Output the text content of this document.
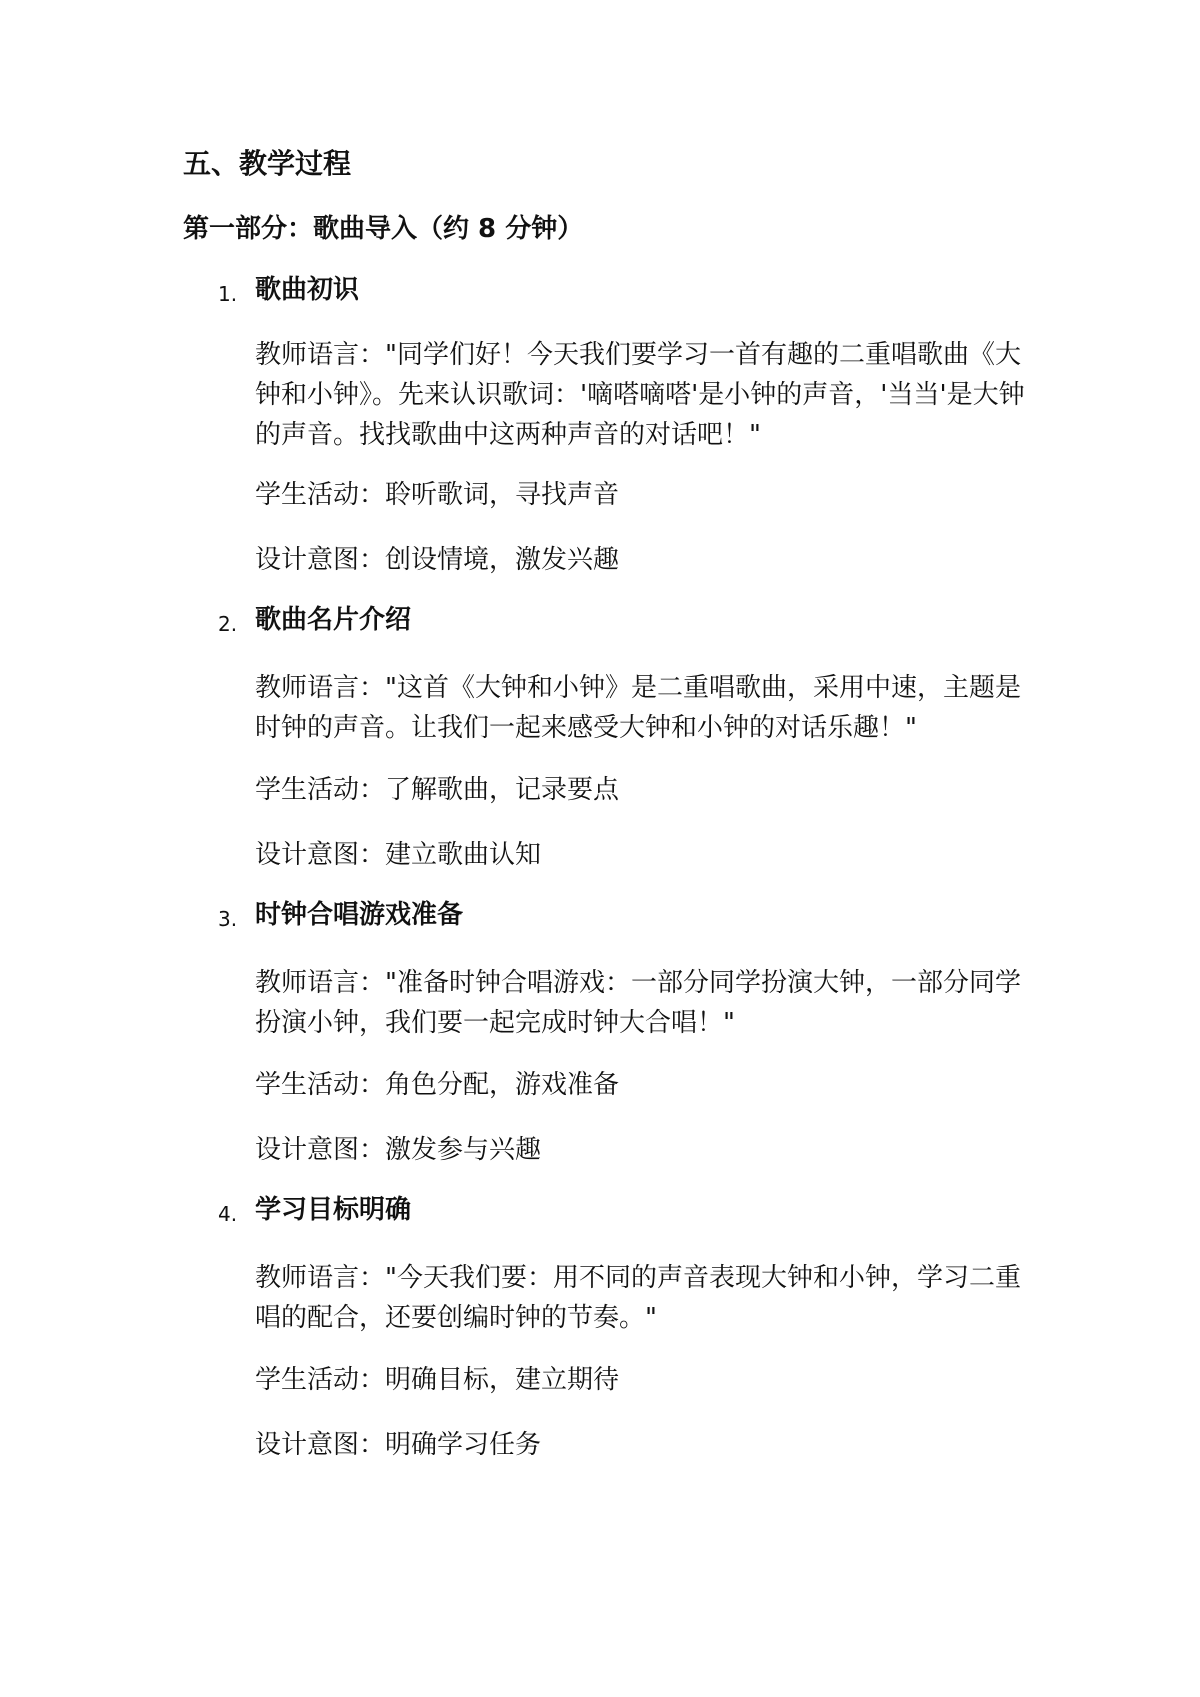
五、教学过程
第一部分：歌曲导入（约 8 分钟）
1. 歌曲初识
教师语言："同学们好！今天我们要学习一首有趣的二重唱歌曲《大钟和小钟》。先来认识歌词：'嘀嗒嘀嗒'是小钟的声音，'当当'是大钟的声音。找找歌曲中这两种声音的对话吧！"
学生活动：聆听歌词，寻找声音
设计意图：创设情境，激发兴趣
2. 歌曲名片介绍
教师语言："这首《大钟和小钟》是二重唱歌曲，采用中速，主题是时钟的声音。让我们一起来感受大钟和小钟的对话乐趣！"
学生活动：了解歌曲，记录要点
设计意图：建立歌曲认知
3. 时钟合唱游戏准备
教师语言："准备时钟合唱游戏：一部分同学扮演大钟，一部分同学扮演小钟，我们要一起完成时钟大合唱！"
学生活动：角色分配，游戏准备
设计意图：激发参与兴趣
4. 学习目标明确
教师语言："今天我们要：用不同的声音表现大钟和小钟，学习二重唱的配合，还要创编时钟的节奏。"
学生活动：明确目标，建立期待
设计意图：明确学习任务
